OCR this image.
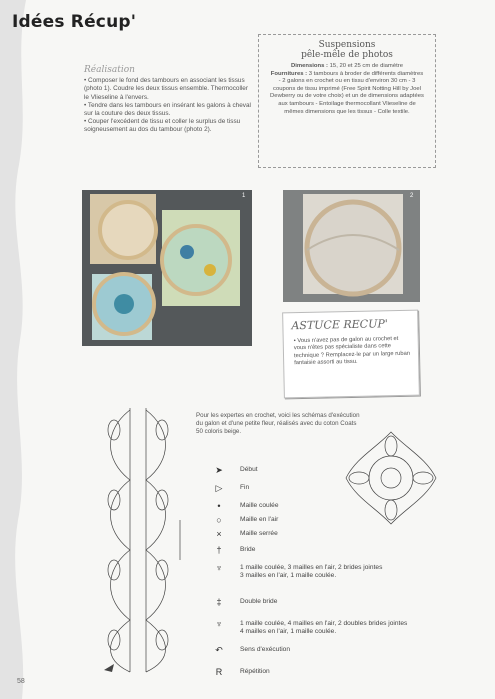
Idées Récup'
Réalisation

• Composer le fond des tambours en associant les tissus (photo 1). Coudre les deux tissus ensemble. Thermocoller le Vlieseline à l'envers.

• Tendre dans les tambours en insérant les galons à cheval sur la couture des deux tissus.

• Couper l'excédent de tissu et coller le surplus de tissu soigneusement au dos du tambour (photo 2).

Suspensions
pêle-mêle de photos
Dimensions : 15, 20 et 25 cm de diamètre
Fournitures : 3 tambours à broder de différents diamètres - 2 galons en crochet ou en tissu d'environ 30 cm - 3 coupons de tissu imprimé (Free Spirit Notting Hill by Joel Dewberry ou de votre choix) et un de dimensions adaptées aux tambours - Entoilage thermocollant Vlieseline de mêmes dimensions que les tissus - Colle textile.
1	2
ASTUCE RECUP'
• Vous n'avez pas de galon au crochet et vous n'êtes pas spécialiste dans cette technique ? Remplacez-le par un large ruban fantaisie assorti au tissu.
Pour les expertes en crochet, voici les schémas d'exécution du galon et d'une petite fleur, réalisés avec du coton Coats 50 coloris beige.
➤	Début
▷	Fin
•	Maille coulée
○	Maille en l'air
×	Maille serrée
†	Bride
♆	1 maille coulée, 3 mailles en l'air, 2 brides jointes
3 mailles en l'air, 1 maille coulée.
‡	Double bride
♆	1 maille coulée, 4 mailles en l'air, 2 doubles brides jointes
4 mailles en l'air, 1 maille coulée.
↶	Sens d'exécution
R	Répétition
58
